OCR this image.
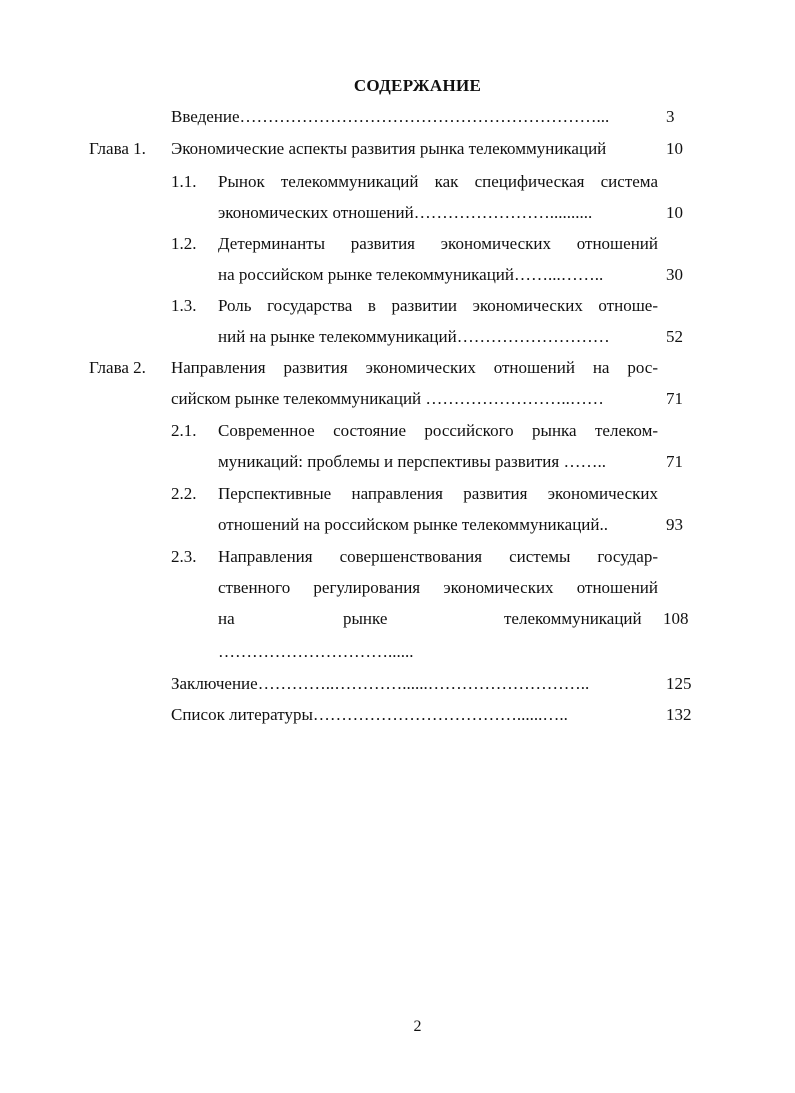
СОДЕРЖАНИЕ
Введение………………………………………………………...	3
Глава 1. Экономические аспекты развития рынка телекоммуникаций	10
1.1. Рынок телекоммуникаций как специфическая система
экономических отношений……………………..........	10
1.2. Детерминанты развития экономических отношений
на российском рынке телекоммуникаций……...……..	30
1.3. Роль государства в развитии экономических отноше-
ний на рынке телекоммуникаций………………………	52
Глава 2. Направления развития экономических отношений на рос-
сийском рынке телекоммуникаций ……………………..……	71
2.1. Современное состояние российского рынка телеком-
муникаций: проблемы и перспективы развития ……..	71
2.2. Перспективные направления развития экономических
отношений на российском рынке телекоммуникаций..	93
2.3. Направления совершенствования системы государ-
ственного регулирования экономических отношений
на	рынке	телекоммуникаций 108
…………………………......
Заключение…………..…………......………………………..	125
Список литературы………………………………......…..	132
2
